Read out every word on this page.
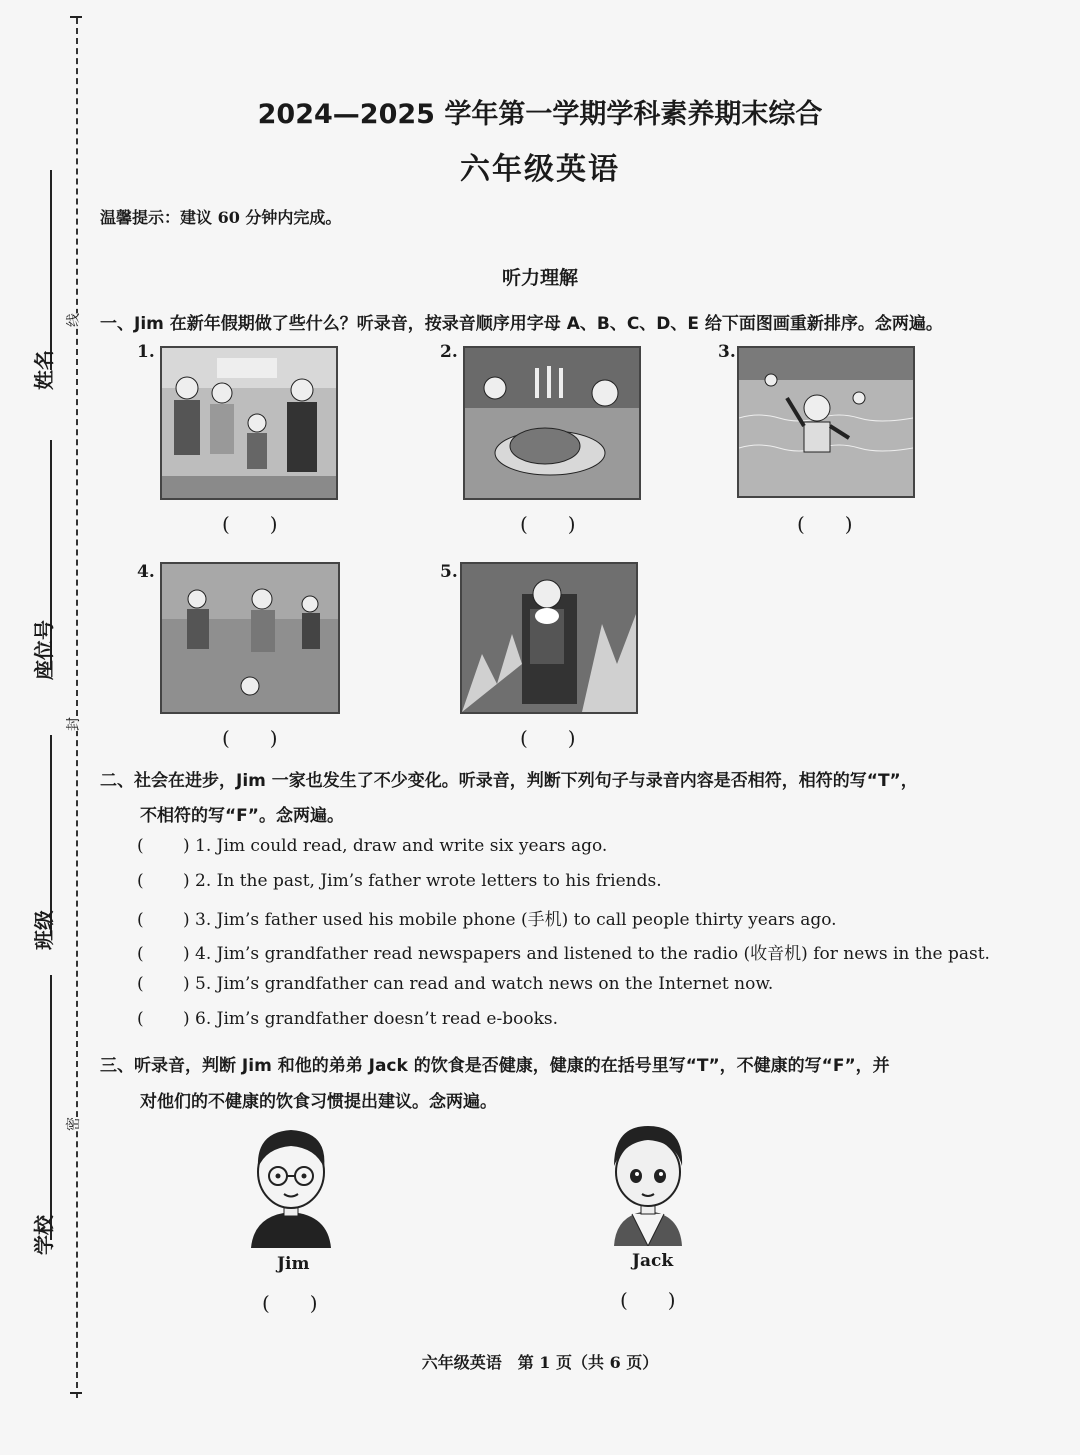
线
封
密
姓名
座位号
班级
学校
2024—2025 学年第一学期学科素养期末综合
六年级英语
温馨提示：建议 60 分钟内完成。
听力理解
一、Jim 在新年假期做了些什么？听录音，按录音顺序用字母 A、B、C、D、E 给下面图画重新排序。念两遍。
1.
(　　)
2.
(　　)
3.
(　　)
4.
(　　)
5.
(　　)
二、社会在进步，Jim 一家也发生了不少变化。听录音，判断下列句子与录音内容是否相符，相符的写“T”，
不相符的写“F”。念两遍。
( ) 1. Jim could read, draw and write six years ago.
( ) 2. In the past, Jim’s father wrote letters to his friends.
( ) 3. Jim’s father used his mobile phone (手机) to call people thirty years ago.
( ) 4. Jim’s grandfather read newspapers and listened to the radio (收音机) for news in the past.
( ) 5. Jim’s grandfather can read and watch news on the Internet now.
( ) 6. Jim’s grandfather doesn’t read e-books.
三、听录音，判断 Jim 和他的弟弟 Jack 的饮食是否健康，健康的在括号里写“T”，不健康的写“F”，并
对他们的不健康的饮食习惯提出建议。念两遍。
Jim
(　　)
Jack
(　　)
六年级英语　第 1 页（共 6 页）
